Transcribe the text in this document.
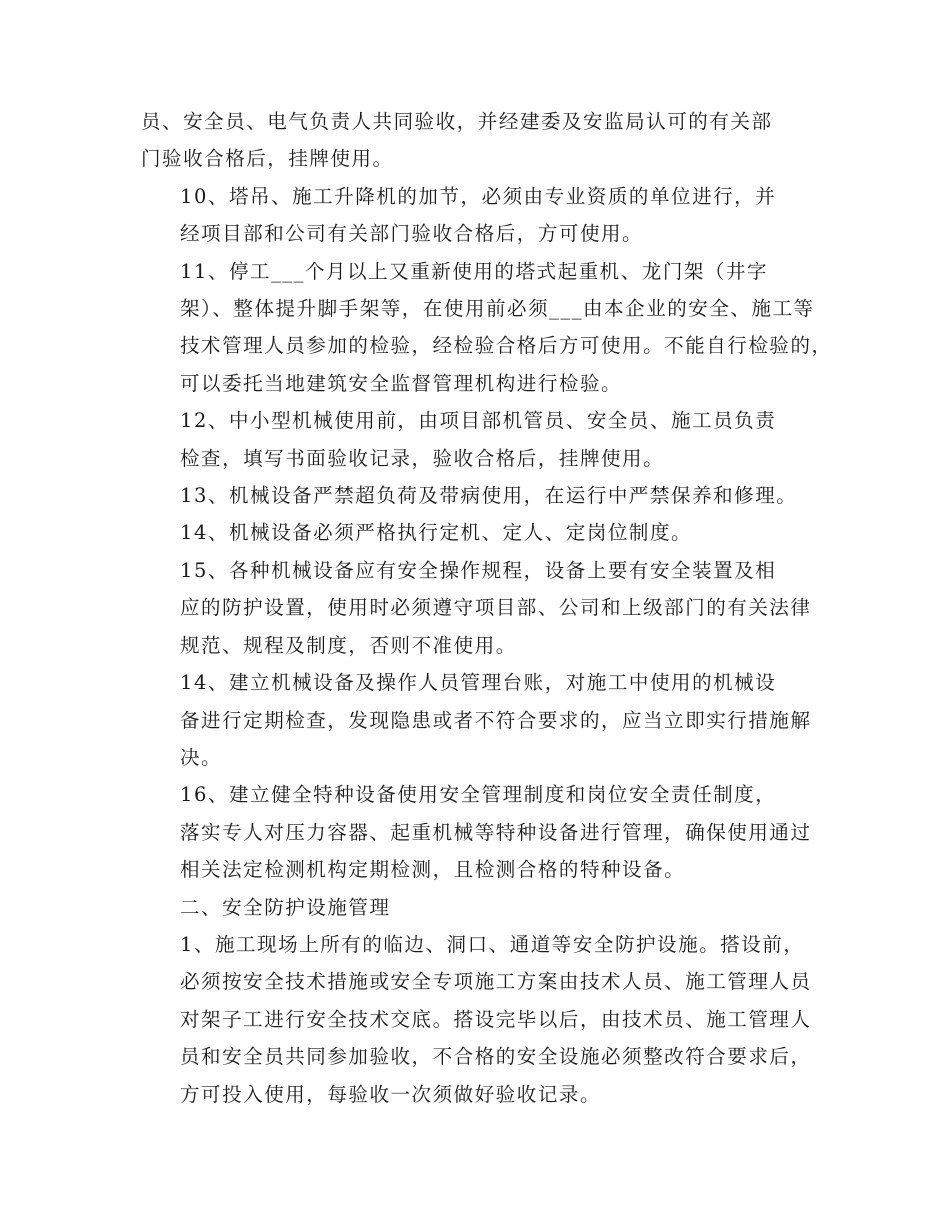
员、安全员、电气负责人共同验收，并经建委及安监局认可的有关部
门验收合格后，挂牌使用。

10、塔吊、施工升降机的加节，必须由专业资质的单位进行，并
经项目部和公司有关部门验收合格后，方可使用。

11、停工___个月以上又重新使用的塔式起重机、龙门架（井字
架）、整体提升脚手架等，在使用前必须___由本企业的安全、施工等
技术管理人员参加的检验，经检验合格后方可使用。不能自行检验的，
可以委托当地建筑安全监督管理机构进行检验。

12、中小型机械使用前，由项目部机管员、安全员、施工员负责
检查，填写书面验收记录，验收合格后，挂牌使用。

13、机械设备严禁超负荷及带病使用，在运行中严禁保养和修理。

14、机械设备必须严格执行定机、定人、定岗位制度。

15、各种机械设备应有安全操作规程，设备上要有安全装置及相
应的防护设置，使用时必须遵守项目部、公司和上级部门的有关法律
规范、规程及制度，否则不准使用。

14、建立机械设备及操作人员管理台账，对施工中使用的机械设
备进行定期检查，发现隐患或者不符合要求的，应当立即实行措施解
决。

16、建立健全特种设备使用安全管理制度和岗位安全责任制度，
落实专人对压力容器、起重机械等特种设备进行管理，确保使用通过
相关法定检测机构定期检测，且检测合格的特种设备。

二、安全防护设施管理

1、施工现场上所有的临边、洞口、通道等安全防护设施。搭设前，
必须按安全技术措施或安全专项施工方案由技术人员、施工管理人员
对架子工进行安全技术交底。搭设完毕以后，由技术员、施工管理人
员和安全员共同参加验收，不合格的安全设施必须整改符合要求后，
方可投入使用，每验收一次须做好验收记录。
